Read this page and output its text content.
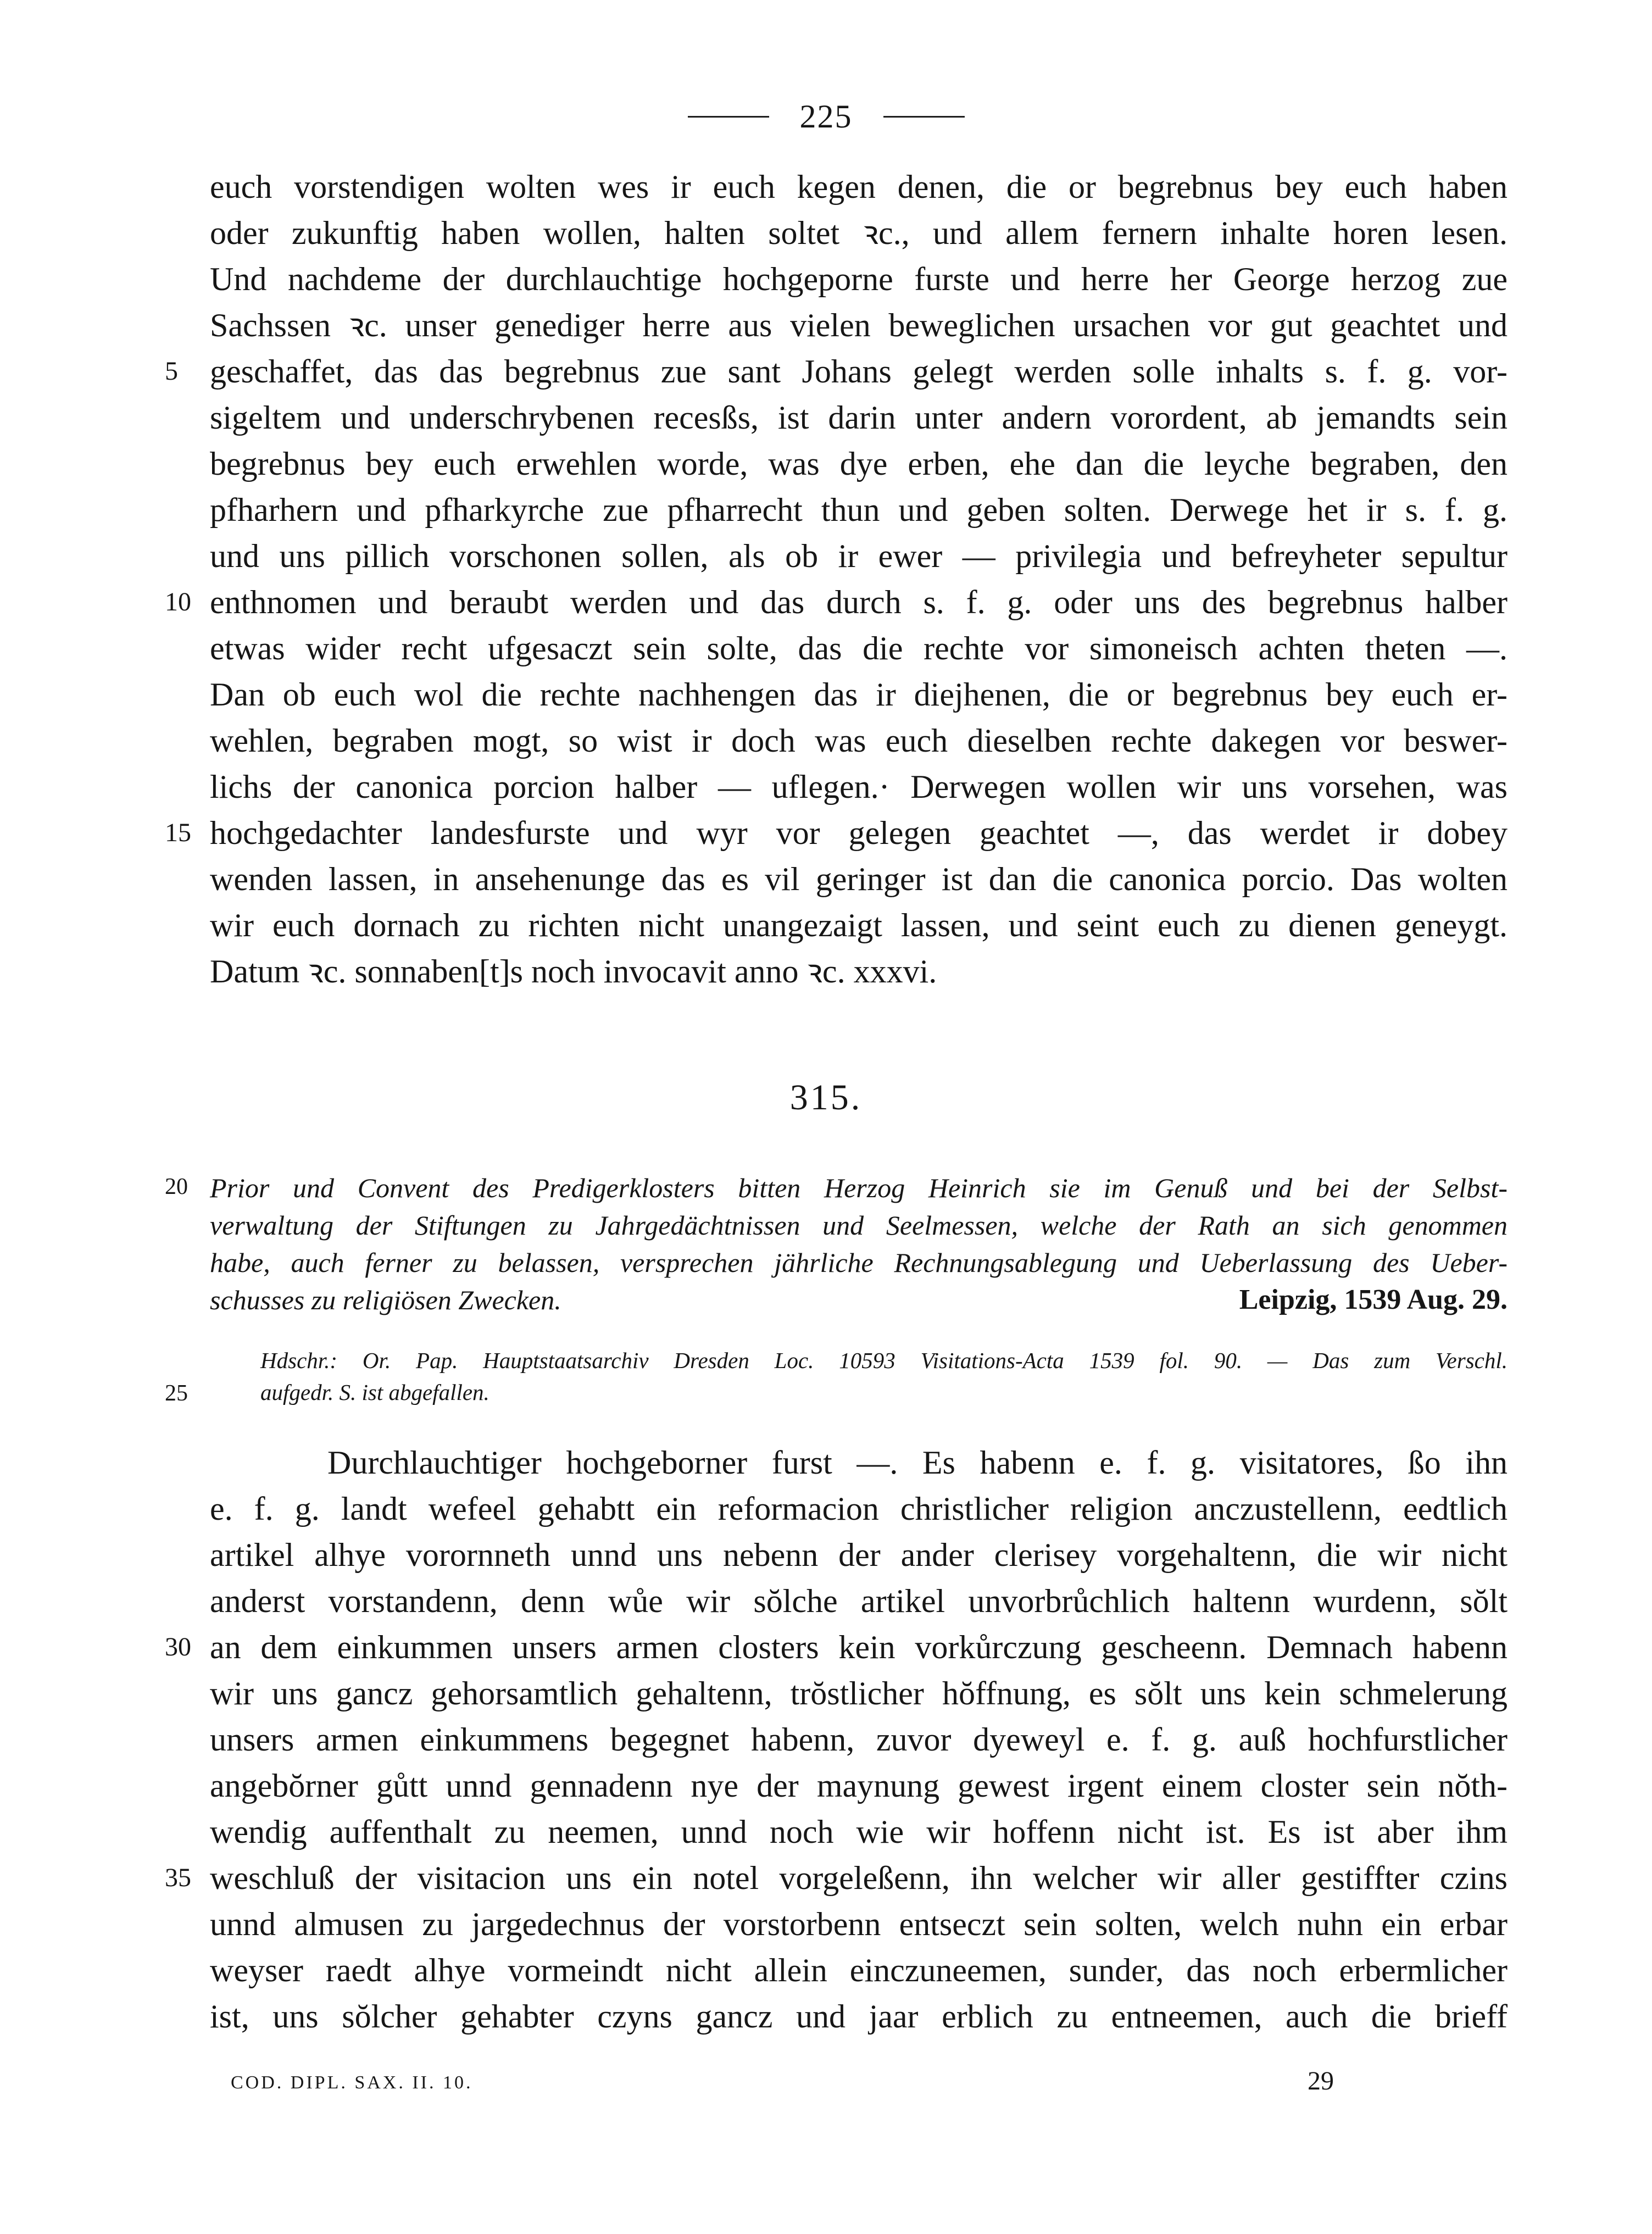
225
euch vorstendigen wolten wes ir euch kegen denen, die or begrebnus bey euch haben
oder zukunftig haben wollen, halten soltet ꝛc., und allem fernern inhalte horen lesen.
Und nachdeme der durchlauchtige hochgeporne furste und herre her George herzog zue
Sachssen ꝛc. unser genediger herre aus vielen beweglichen ursachen vor gut geachtet und
geschaffet, das das begrebnus zue sant Johans gelegt werden solle inhalts s. f. g. vor-
sigeltem und underschrybenen recesßs, ist darin unter andern vorordent, ab jemandts sein
begrebnus bey euch erwehlen worde, was dye erben, ehe dan die leyche begraben, den
pfharhern und pfharkyrche zue pfharrecht thun und geben solten. Derwege het ir s. f. g.
und uns pillich vorschonen sollen, als ob ir ewer — privilegia und befreyheter sepultur
enthnomen und beraubt werden und das durch s. f. g. oder uns des begrebnus halber
etwas wider recht ufgesaczt sein solte, das die rechte vor simoneisch achten theten —.
Dan ob euch wol die rechte nachhengen das ir diejhenen, die or begrebnus bey euch er-
wehlen, begraben mogt, so wist ir doch was euch dieselben rechte dakegen vor beswer-
lichs der canonica porcion halber — uflegen.· Derwegen wollen wir uns vorsehen, was
hochgedachter landesfurste und wyr vor gelegen geachtet —, das werdet ir dobey
wenden lassen, in ansehenunge das es vil geringer ist dan die canonica porcio. Das wolten
wir euch dornach zu richten nicht unangezaigt lassen, und seint euch zu dienen geneygt.
Datum ꝛc. sonnaben[t]s noch invocavit anno ꝛc. xxxvi.
5
10
15
315.
20 Prior und Convent des Predigerklosters bitten Herzog Heinrich sie im Genuß und bei der Selbst-
verwaltung der Stiftungen zu Jahrgedächtnissen und Seelmessen, welche der Rath an sich genommen
habe, auch ferner zu belassen, versprechen jährliche Rechnungsablegung und Ueberlassung des Ueber-
schusses zu religiösen Zwecken.	Leipzig, 1539 Aug. 29.
Hdschr.: Or. Pap. Hauptstaatsarchiv Dresden Loc. 10593 Visitations-Acta 1539 fol. 90. — Das zum Verschl.
aufgedr. S. ist abgefallen.
25
Durchlauchtiger hochgeborner furst —. Es habenn e. f. g. visitatores, ßo ihn
e. f. g. landt wefeel gehabtt ein reformacion christlicher religion anczustellenn, eedtlich
artikel alhye vorornneth unnd uns nebenn der ander clerisey vorgehaltenn, die wir nicht
anderst vorstandenn, denn wůe wir sŏlche artikel unvorbrůchlich haltenn wurdenn, sŏlt
an dem einkummen unsers armen closters kein vorkůrczung gescheenn. Demnach habenn
wir uns gancz gehorsamtlich gehaltenn, trŏstlicher hŏffnung, es sŏlt uns kein schmelerung
unsers armen einkummens begegnet habenn, zuvor dyeweyl e. f. g. auß hochfurstlicher
angebŏrner gůtt unnd gennadenn nye der maynung gewest irgent einem closter sein nŏth-
wendig auffenthalt zu neemen, unnd noch wie wir hoffenn nicht ist. Es ist aber ihm
weschluß der visitacion uns ein notel vorgeleßenn, ihn welcher wir aller gestiffter czins
unnd almusen zu jargedechnus der vorstorbenn entseczt sein solten, welch nuhn ein erbar
weyser raedt alhye vormeindt nicht allein einczuneemen, sunder, das noch erbermlicher
ist, uns sŏlcher gehabter czyns gancz und jaar erblich zu entneemen, auch die brieff
30
35
COD. DIPL. SAX. II. 10.	29
